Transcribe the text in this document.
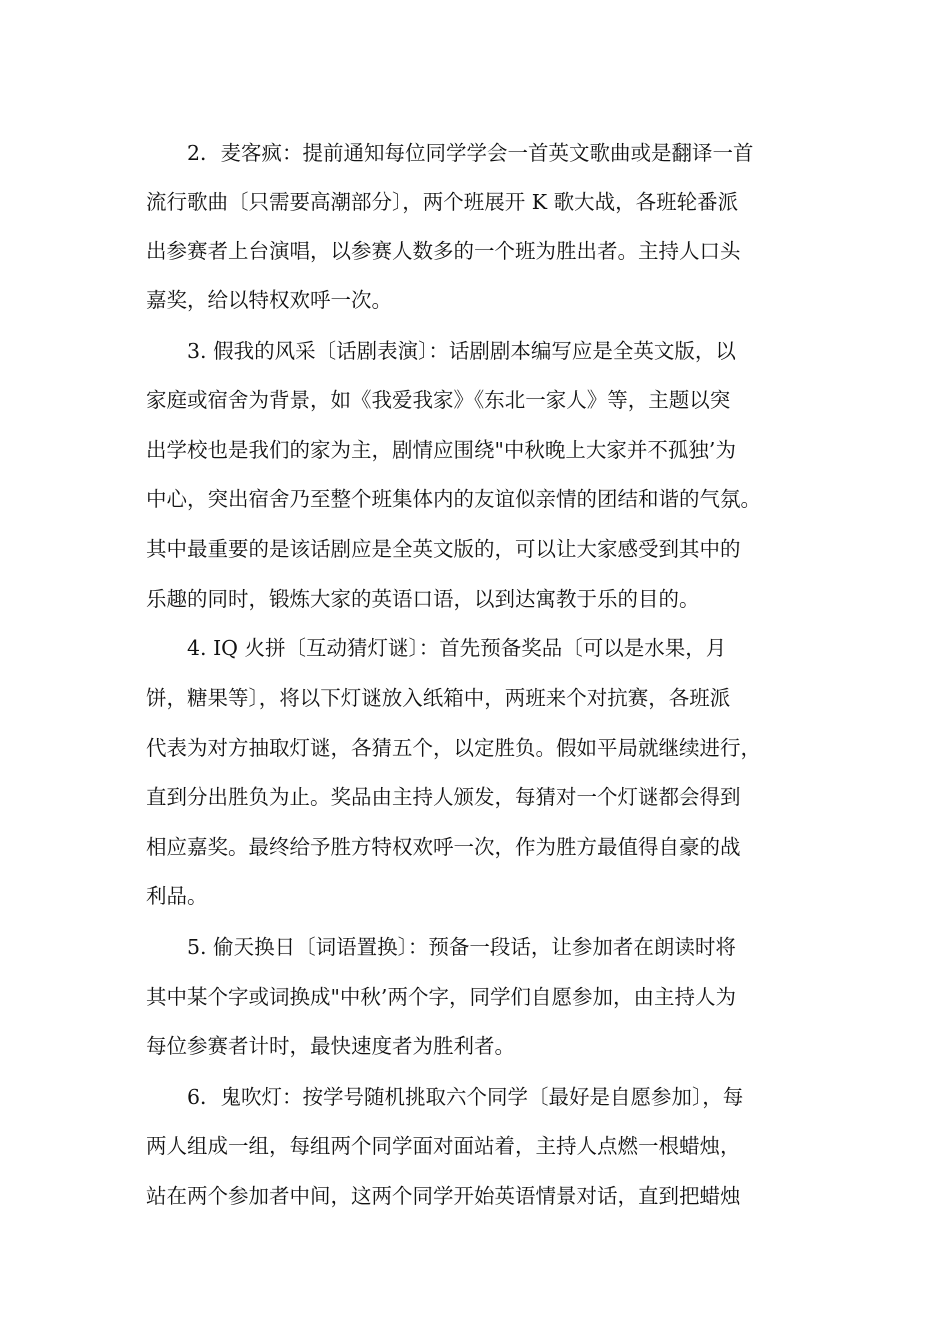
2．麦客疯：提前通知每位同学学会一首英文歌曲或是翻译一首
流行歌曲〔只需要高潮部分〕，两个班展开 K 歌大战，各班轮番派
出参赛者上台演唱，以参赛人数多的一个班为胜出者。主持人口头
嘉奖，给以特权欢呼一次。
3. 假我的风采〔话剧表演〕：话剧剧本编写应是全英文版，以
家庭或宿舍为背景，如《我爱我家》《东北一家人》等，主题以突
出学校也是我们的家为主，剧情应围绕"中秋晚上大家并不孤独’为
中心，突出宿舍乃至整个班集体内的友谊似亲情的团结和谐的气氛。
其中最重要的是该话剧应是全英文版的，可以让大家感受到其中的
乐趣的同时，锻炼大家的英语口语，以到达寓教于乐的目的。
4. IQ 火拼〔互动猜灯谜〕：首先预备奖品〔可以是水果，月
饼，糖果等〕，将以下灯谜放入纸箱中，两班来个对抗赛，各班派
代表为对方抽取灯谜，各猜五个，以定胜负。假如平局就继续进行，
直到分出胜负为止。奖品由主持人颁发，每猜对一个灯谜都会得到
相应嘉奖。最终给予胜方特权欢呼一次，作为胜方最值得自豪的战
利品。
5. 偷天换日〔词语置换〕：预备一段话，让参加者在朗读时将
其中某个字或词换成"中秋’两个字，同学们自愿参加，由主持人为
每位参赛者计时，最快速度者为胜利者。
6．鬼吹灯：按学号随机挑取六个同学〔最好是自愿参加〕，每
两人组成一组，每组两个同学面对面站着，主持人点燃一根蜡烛，
站在两个参加者中间，这两个同学开始英语情景对话，直到把蜡烛
